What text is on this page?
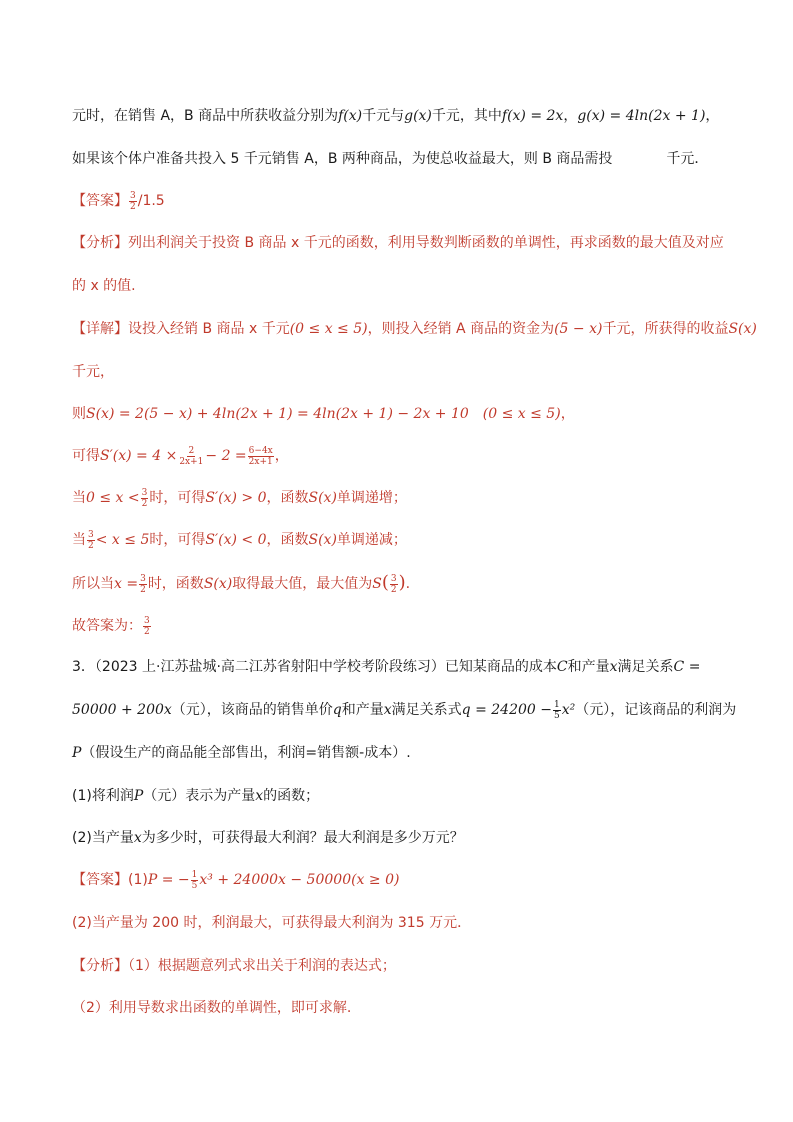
元时，在销售 A，B 商品中所获收益分别为f(x)千元与g(x)千元，其中f(x) = 2x，g(x) = 4ln(2x + 1)，
如果该个体户准备共投入 5 千元销售 A，B 两种商品，为使总收益最大，则 B 商品需投	千元．
【答案】 $\frac{3}{2} /1.5$
【分析】列出利润关于投资 B 商品 x 千元的函数，利用导数判断函数的单调性，再求函数的最大值及对应
的 x 的值.
【详解】设投入经销 B 商品 x 千元(0 ≤ x ≤ 5)，则投入经销 A 商品的资金为(5 − x)千元，所获得的收益S(x)
千元，
则S(x) = 2(5 − x) + 4ln(2x + 1) = 4ln(2x + 1) − 2x + 10　(0 ≤ x ≤ 5)，
可得$S'(x) = 4 \times \frac{2}{2x+1} - 2 = \frac{6-4x}{2x+1}$ ，
当$0 \le x < \frac{3}{2}$ 时，可得S′(x) > 0，函数S(x)单调递增；
当 $\frac{3}{2} < x \le 5$时，可得S′(x) < 0，函数S(x)单调递减；
所以当$x = \frac{3}{2}$ 时，函数S(x)取得最大值，最大值为$S( \frac{3}{2}$ ).
故答案为： $\frac{3}{2}$
3．（2023 上·江苏盐城·高二江苏省射阳中学校考阶段练习）已知某商品的成本C和产量x满足关系C =
50000 + 200x（元），该商品的销售单价q和产量x满足关系式$q = 24200 - \frac{1}{5} x^2$（元），记该商品的利润为
P（假设生产的商品能全部售出，利润=销售额-成本）.
(1)将利润P（元）表示为产量x的函数；
(2)当产量x为多少时，可获得最大利润？最大利润是多少万元？
【答案】(1)P = − $\frac{1}{5} x^3 + 24000x - 50000(x \ge 0)$
(2)当产量为 200 时，利润最大，可获得最大利润为 315 万元．
【分析】（1）根据题意列式求出关于利润的表达式；
（2）利用导数求出函数的单调性，即可求解.
